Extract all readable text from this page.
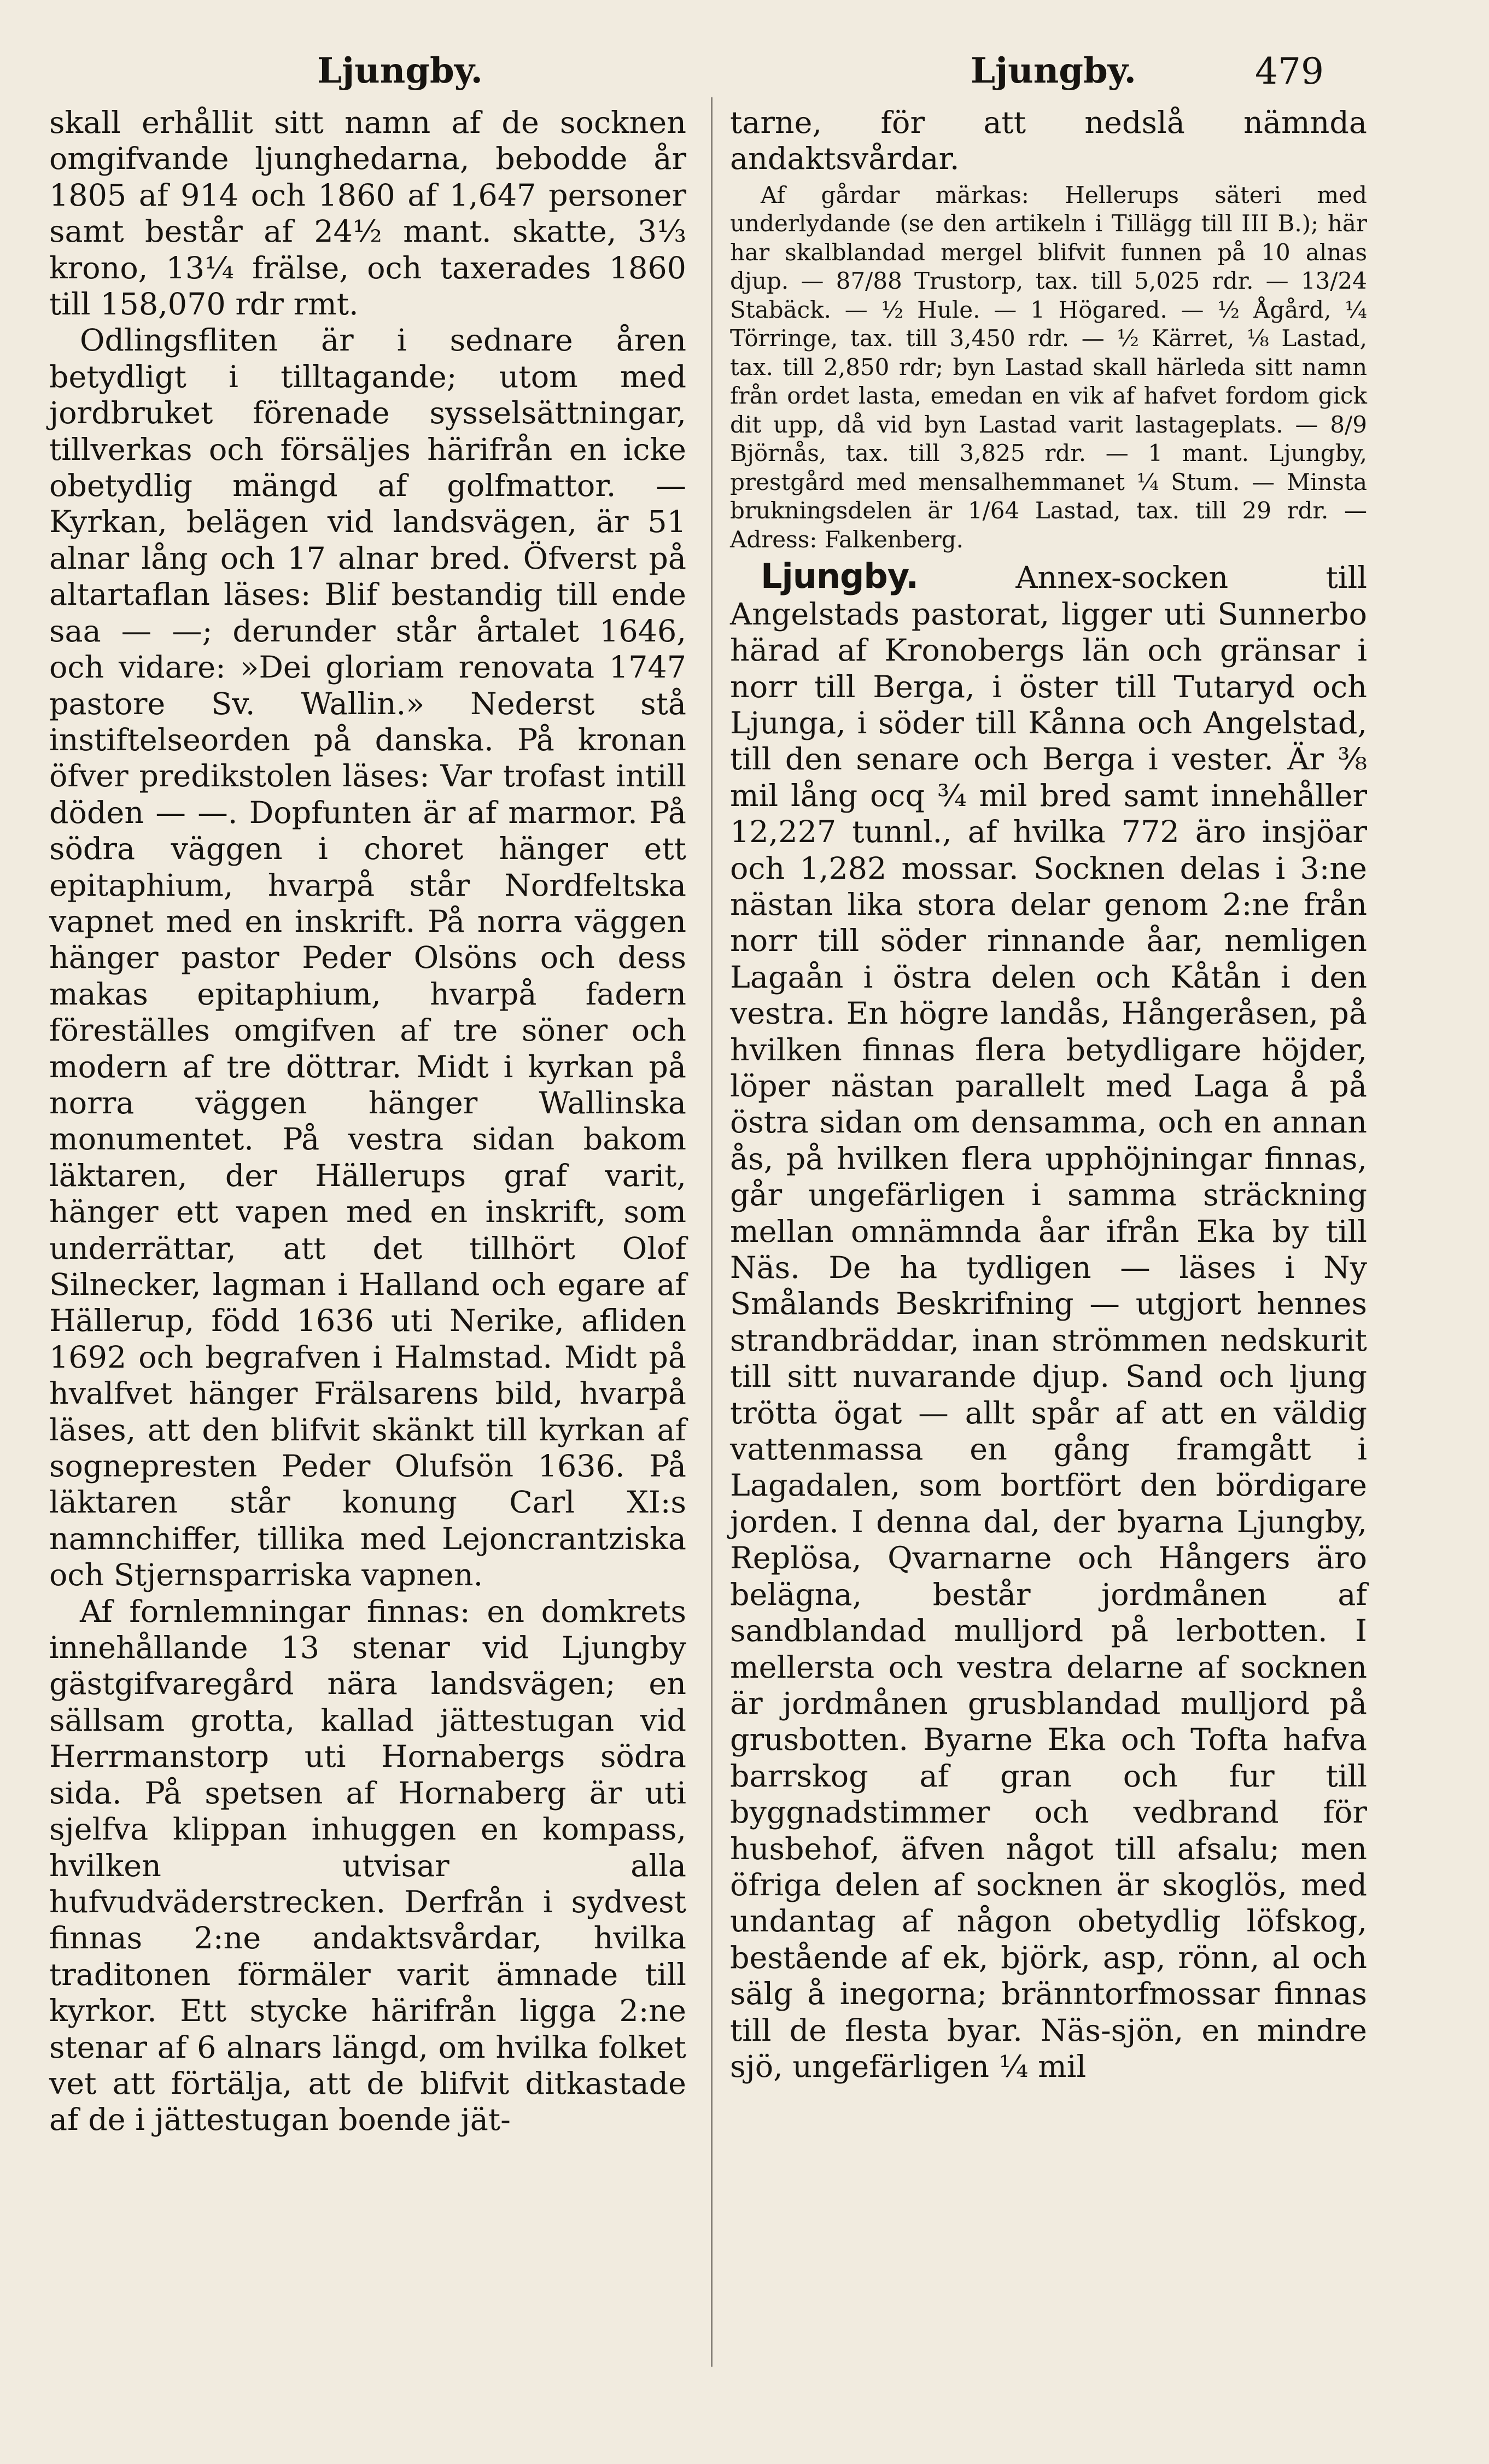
Ljungby.	Ljungby.	479

skall erhållit sitt namn af de socknen omgifvande ljunghedarna, bebodde år 1805 af 914 och 1860 af 1,647 personer samt består af 24½ mant. skatte, 3⅓ krono, 13¼ frälse, och taxerades 1860 till 158,070 rdr rmt.

Odlingsfliten är i sednare åren betydligt i tilltagande; utom med jordbruket förenade sysselsättningar, tillverkas och försäljes härifrån en icke obetydlig mängd af golfmattor. — Kyrkan, belägen vid landsvägen, är 51 alnar lång och 17 alnar bred. Öfverst på altartaflan läses: Blif bestandig till ende saa — —; derunder står årtalet 1646, och vidare: »Dei gloriam renovata 1747 pastore Sv. Wallin.» Nederst stå instiftelseorden på danska. På kronan öfver predikstolen läses: Var trofast intill döden — —. Dopfunten är af marmor. På södra väggen i choret hänger ett epitaphium, hvarpå står Nordfeltska vapnet med en inskrift. På norra väggen hänger pastor Peder Olsöns och dess makas epitaphium, hvarpå fadern föreställes omgifven af tre söner och modern af tre döttrar. Midt i kyrkan på norra väggen hänger Wallinska monumentet. På vestra sidan bakom läktaren, der Hällerups graf varit, hänger ett vapen med en inskrift, som underrättar, att det tillhört Olof Silnecker, lagman i Halland och egare af Hällerup, född 1636 uti Nerike, afliden 1692 och begrafven i Halmstad. Midt på hvalfvet hänger Frälsarens bild, hvarpå läses, att den blifvit skänkt till kyrkan af sognepresten Peder Olufsön 1636. På läktaren står konung Carl XI:s namnchiffer, tillika med Lejoncrantziska och Stjernsparriska vapnen.

Af fornlemningar finnas: en domkrets innehållande 13 stenar vid Ljungby gästgifvaregård nära landsvägen; en sällsam grotta, kallad jättestugan vid Herrmanstorp uti Hornabergs södra sida. På spetsen af Hornaberg är uti sjelfva klippan inhuggen en kompass, hvilken utvisar alla hufvudväderstrecken. Derfrån i sydvest finnas 2:ne andaktsvårdar, hvilka traditonen förmäler varit ämnade till kyrkor. Ett stycke härifrån ligga 2:ne stenar af 6 alnars längd, om hvilka folket vet att förtälja, att de blifvit ditkastade af de i jättestugan boende jät-

tarne, för att nedslå nämnda andaktsvårdar.

Af gårdar märkas: Hellerups säteri med underlydande (se den artikeln i Tillägg till III B.); här har skalblandad mergel blifvit funnen på 10 alnas djup. — 87/88 Trustorp, tax. till 5,025 rdr. — 13/24 Stabäck. — ½ Hule. — 1 Högared. — ½ Ågård, ¼ Törringe, tax. till 3,450 rdr. — ½ Kärret, ⅛ Lastad, tax. till 2,850 rdr; byn Lastad skall härleda sitt namn från ordet lasta, emedan en vik af hafvet fordom gick dit upp, då vid byn Lastad varit lastageplats. — 8/9 Björnås, tax. till 3,825 rdr. — 1 mant. Ljungby, prestgård med mensalhemmanet ¼ Stum. — Minsta brukningsdelen är 1/64 Lastad, tax. till 29 rdr. — Adress: Falkenberg.

Ljungby.	Annex-socken till Angelstads pastorat, ligger uti Sunnerbo härad af Kronobergs län och gränsar i norr till Berga, i öster till Tutaryd och Ljunga, i söder till Kånna och Angelstad, till den senare och Berga i vester. Är ⅜ mil lång ocq ¾ mil bred samt innehåller 12,227 tunnl., af hvilka 772 äro insjöar och 1,282 mossar. Socknen delas i 3:ne nästan lika stora delar genom 2:ne från norr till söder rinnande åar, nemligen Lagaån i östra delen och Kåtån i den vestra. En högre landås, Hångeråsen, på hvilken finnas flera betydligare höjder, löper nästan parallelt med Laga å på östra sidan om densamma, och en annan ås, på hvilken flera upphöjningar finnas, går ungefärligen i samma sträckning mellan omnämnda åar ifrån Eka by till Näs. De ha tydligen — läses i Ny Smålands Beskrifning — utgjort hennes strandbräddar, inan strömmen nedskurit till sitt nuvarande djup. Sand och ljung trötta ögat — allt spår af att en väldig vattenmassa en gång framgått i Lagadalen, som bortfört den bördigare jorden. I denna dal, der byarna Ljungby, Replösa, Qvarnarne och Hångers äro belägna, består jordmånen af sandblandad mulljord på lerbotten. I mellersta och vestra delarne af socknen är jordmånen grusblandad mulljord på grusbotten. Byarne Eka och Tofta hafva barrskog af gran och fur till byggnadstimmer och vedbrand för husbehof, äfven något till afsalu; men öfriga delen af socknen är skoglös, med undantag af någon obetydlig löfskog, bestående af ek, björk, asp, rönn, al och sälg å inegorna; bränntorfmossar finnas till de flesta byar. Näs-sjön, en mindre sjö, ungefärligen ¼ mil
